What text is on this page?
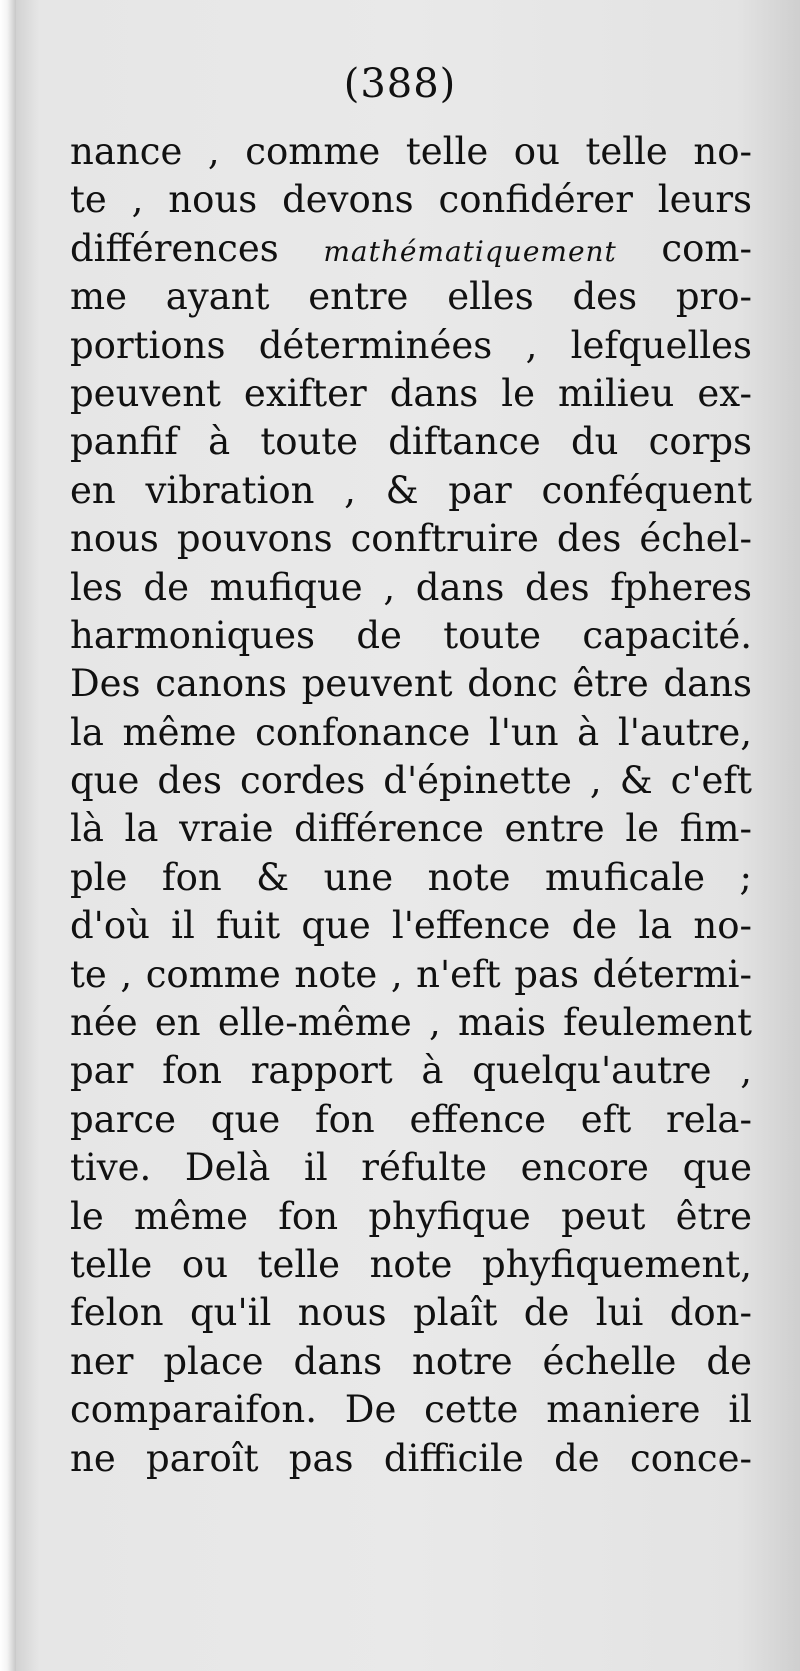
(388)
nance , comme telle ou telle no-
te , nous devons confidérer leurs
différences mathématiquement com-
me ayant entre elles des pro-
portions déterminées , lefquelles
peuvent exifter dans le milieu ex-
panfif à toute diftance du corps
en vibration , & par conféquent
nous pouvons conftruire des échel-
les de mufique , dans des fpheres
harmoniques de toute capacité.
Des canons peuvent donc être dans
la même confonance l'un à l'autre,
que des cordes d'épinette , & c'eft
là la vraie différence entre le fim-
ple fon & une note muficale ;
d'où il fuit que l'effence de la no-
te , comme note , n'eft pas détermi-
née en elle-même , mais feulement
par fon rapport à quelqu'autre ,
parce que fon effence eft rela-
tive. Delà il réfulte encore que
le même fon phyfique peut être
telle ou telle note phyfiquement,
felon qu'il nous plaît de lui don-
ner place dans notre échelle de
comparaifon. De cette maniere il
ne paroît pas difficile de conce-
